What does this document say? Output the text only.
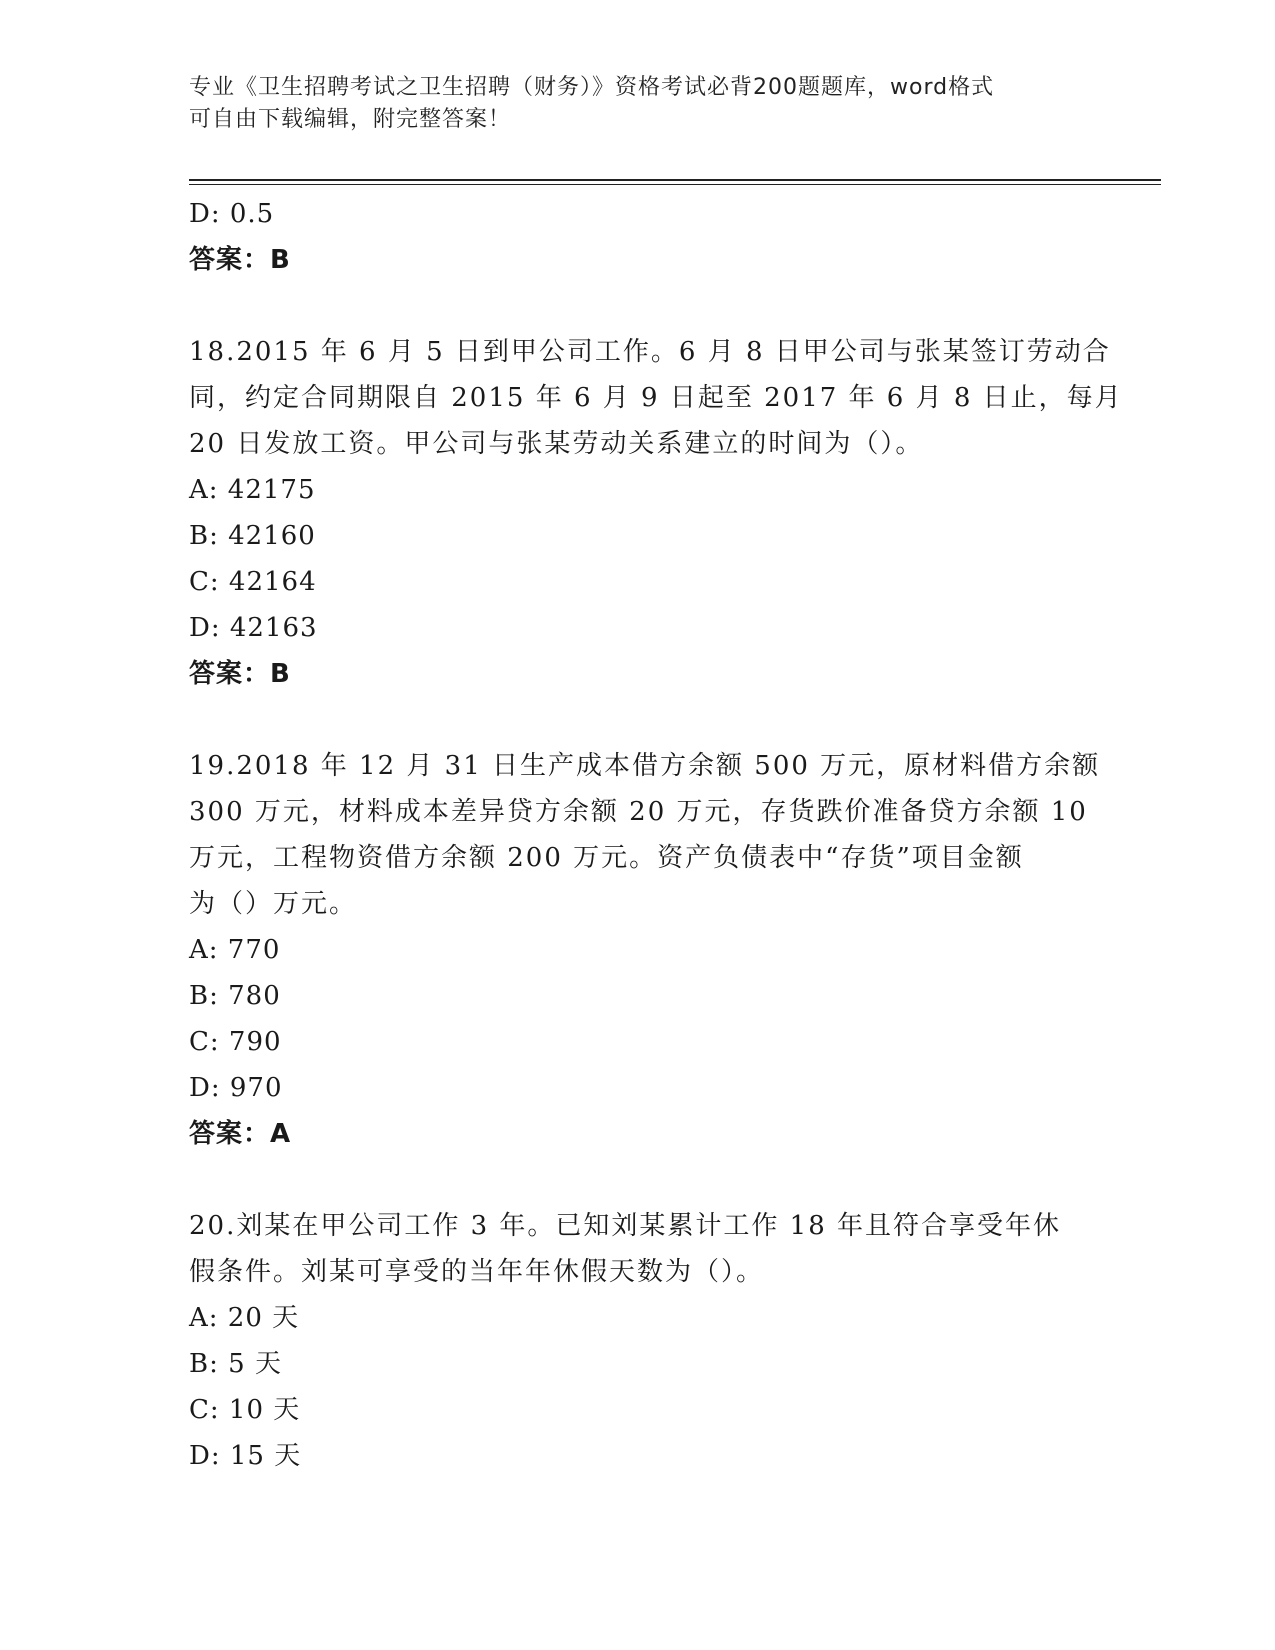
专业《卫生招聘考试之卫生招聘（财务）》资格考试必背200题题库，word格式
可自由下载编辑，附完整答案！
D: 0.5
答案：B
18.2015 年 6 月 5 日到甲公司工作。6 月 8 日甲公司与张某签订劳动合
同，约定合同期限自 2015 年 6 月 9 日起至 2017 年 6 月 8 日止，每月
20 日发放工资。甲公司与张某劳动关系建立的时间为（）。
A: 42175
B: 42160
C: 42164
D: 42163
答案：B
19.2018 年 12 月 31 日生产成本借方余额 500 万元，原材料借方余额
300 万元，材料成本差异贷方余额 20 万元，存货跌价准备贷方余额 10
万元，工程物资借方余额 200 万元。资产负债表中“存货”项目金额
为（）万元。
A: 770
B: 780
C: 790
D: 970
答案：A
20.刘某在甲公司工作 3 年。已知刘某累计工作 18 年且符合享受年休
假条件。刘某可享受的当年年休假天数为（）。
A: 20 天
B: 5 天
C: 10 天
D: 15 天
